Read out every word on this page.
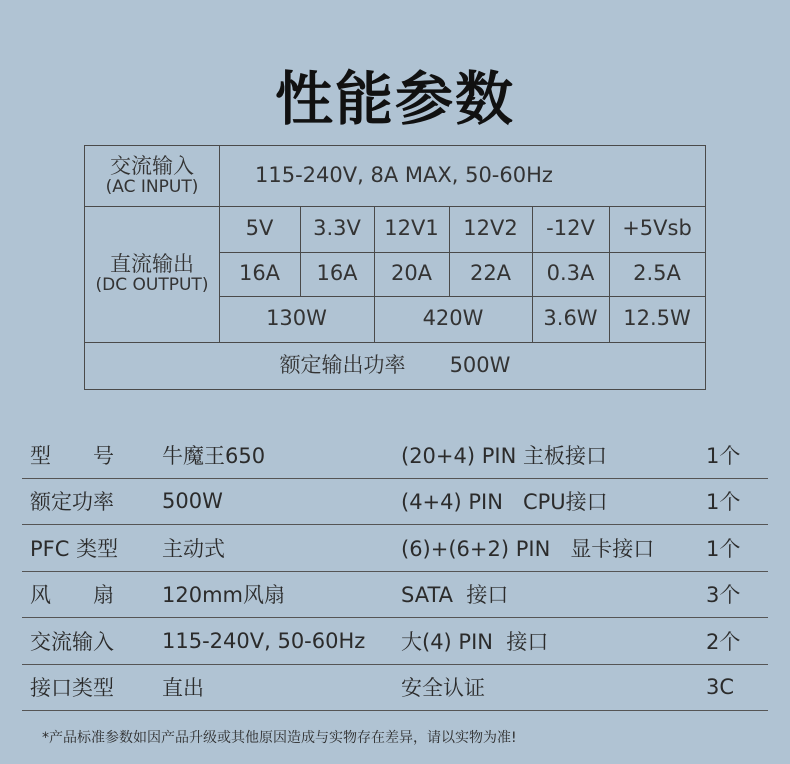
性能参数
交流输入
(AC INPUT)	115-240V, 8A MAX, 50-60Hz
直流输出
(DC OUTPUT)
5V	3.3V	12V1	12V2	-12V	+5Vsb
16A	16A	20A	22A	0.3A	2.5A
130W	420W	3.6W	12.5W
额定输出功率 500W
型　　号 牛魔王650	(20+4) PIN 主板接口	1个
额定功率 500W	(4+4) PIN   CPU接口	1个
PFC 类型 主动式	(6)+(6+2) PIN   显卡接口 1个
风　　扇 120mm风扇	SATA  接口	3个
交流输入 115-240V, 50-60Hz 大(4) PIN  接口	2个
接口类型 直出	安全认证	3C
*产品标准参数如因产品升级或其他原因造成与实物存在差异，请以实物为准!
